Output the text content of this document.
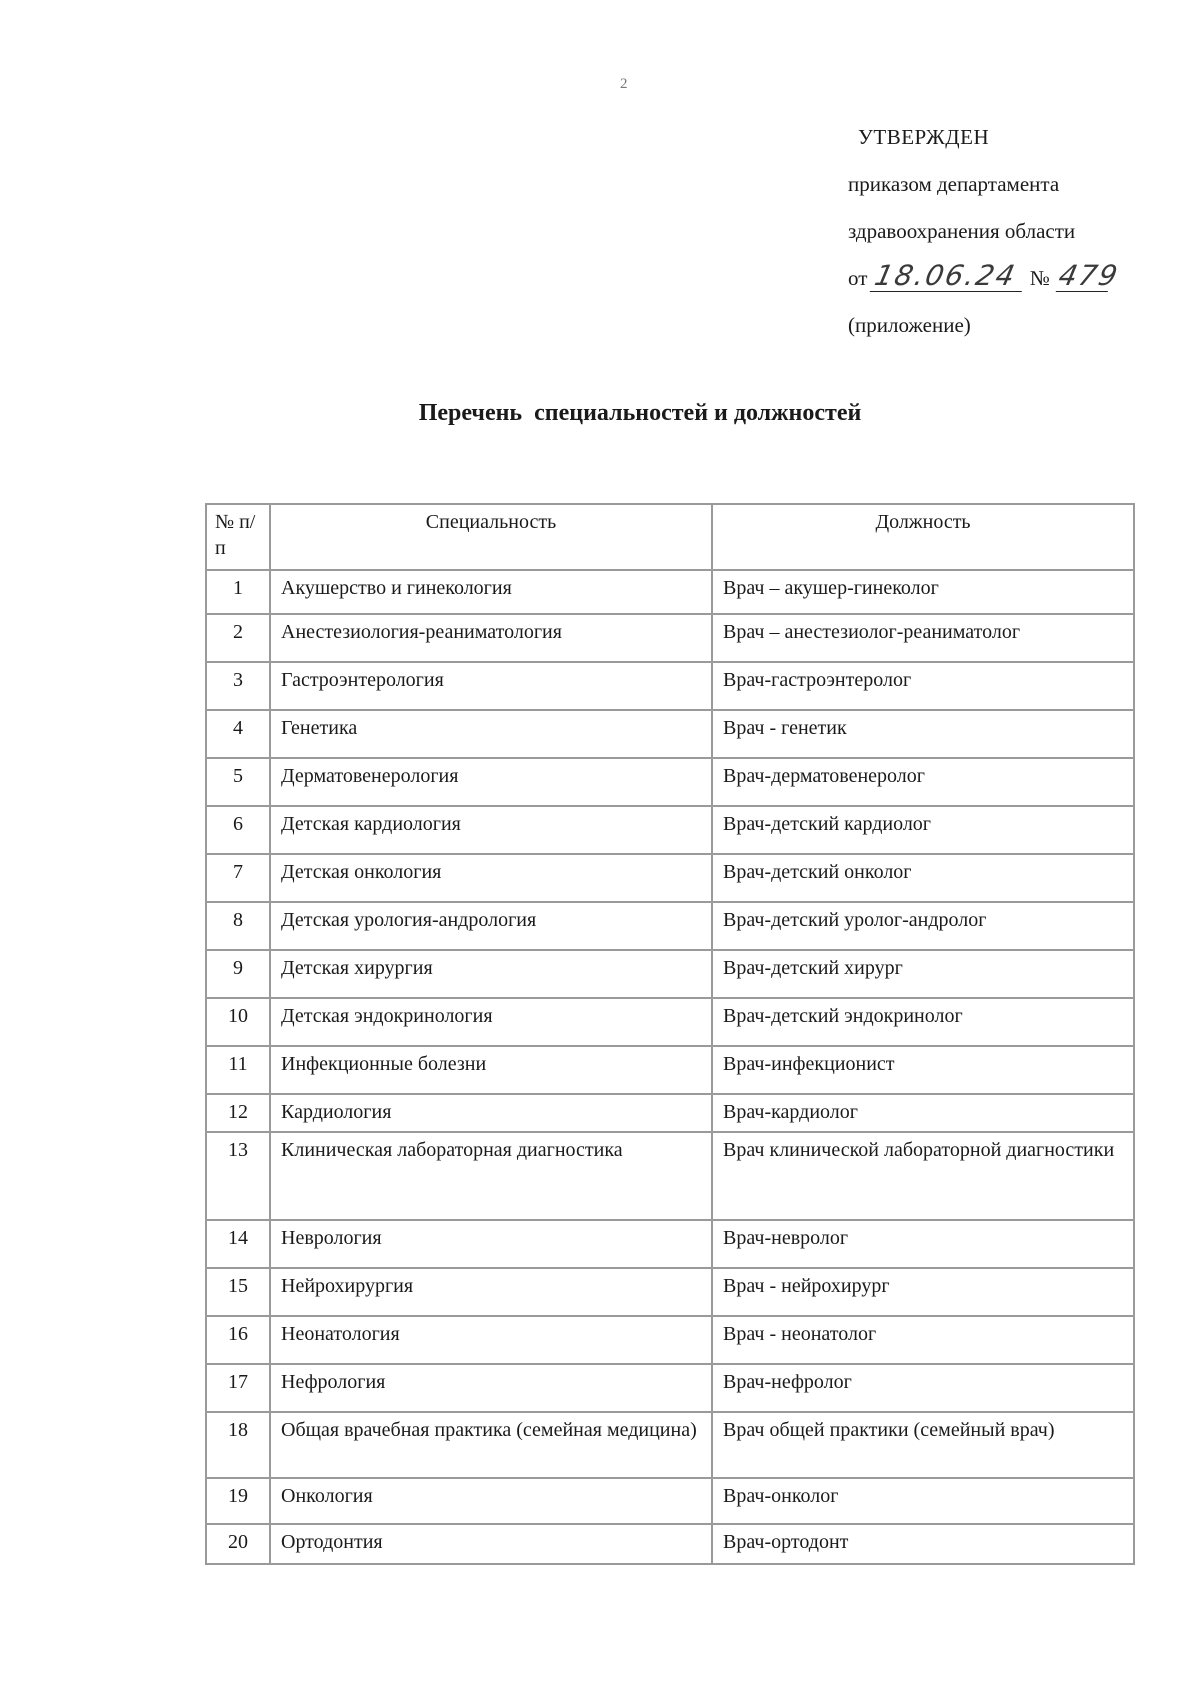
2
УТВЕРЖДЕН
приказом департамента
здравоохранения области
от 18.06.24 № 479
(приложение)
Перечень  специальностей и должностей
№ п/п	Специальность	Должность
1	Акушерство и гинекология	Врач – акушер-гинеколог
2	Анестезиология-реаниматология	Врач – анестезиолог-реаниматолог
3	Гастроэнтерология	Врач-гастроэнтеролог
4	Генетика	Врач - генетик
5	Дерматовенерология	Врач-дерматовенеролог
6	Детская кардиология	Врач-детский кардиолог
7	Детская онкология	Врач-детский онколог
8	Детская урология-андрология	Врач-детский уролог-андролог
9	Детская хирургия	Врач-детский хирург
10	Детская эндокринология	Врач-детский эндокринолог
11	Инфекционные болезни	Врач-инфекционист
12	Кардиология	Врач-кардиолог
13	Клиническая лабораторная диагностика	Врач клинической лабораторной диагностики
14	Неврология	Врач-невролог
15	Нейрохирургия	Врач - нейрохирург
16	Неонатология	Врач - неонатолог
17	Нефрология	Врач-нефролог
18	Общая врачебная практика (семейная медицина)	Врач общей практики (семейный врач)
19	Онкология	Врач-онколог
20	Ортодонтия	Врач-ортодонт
